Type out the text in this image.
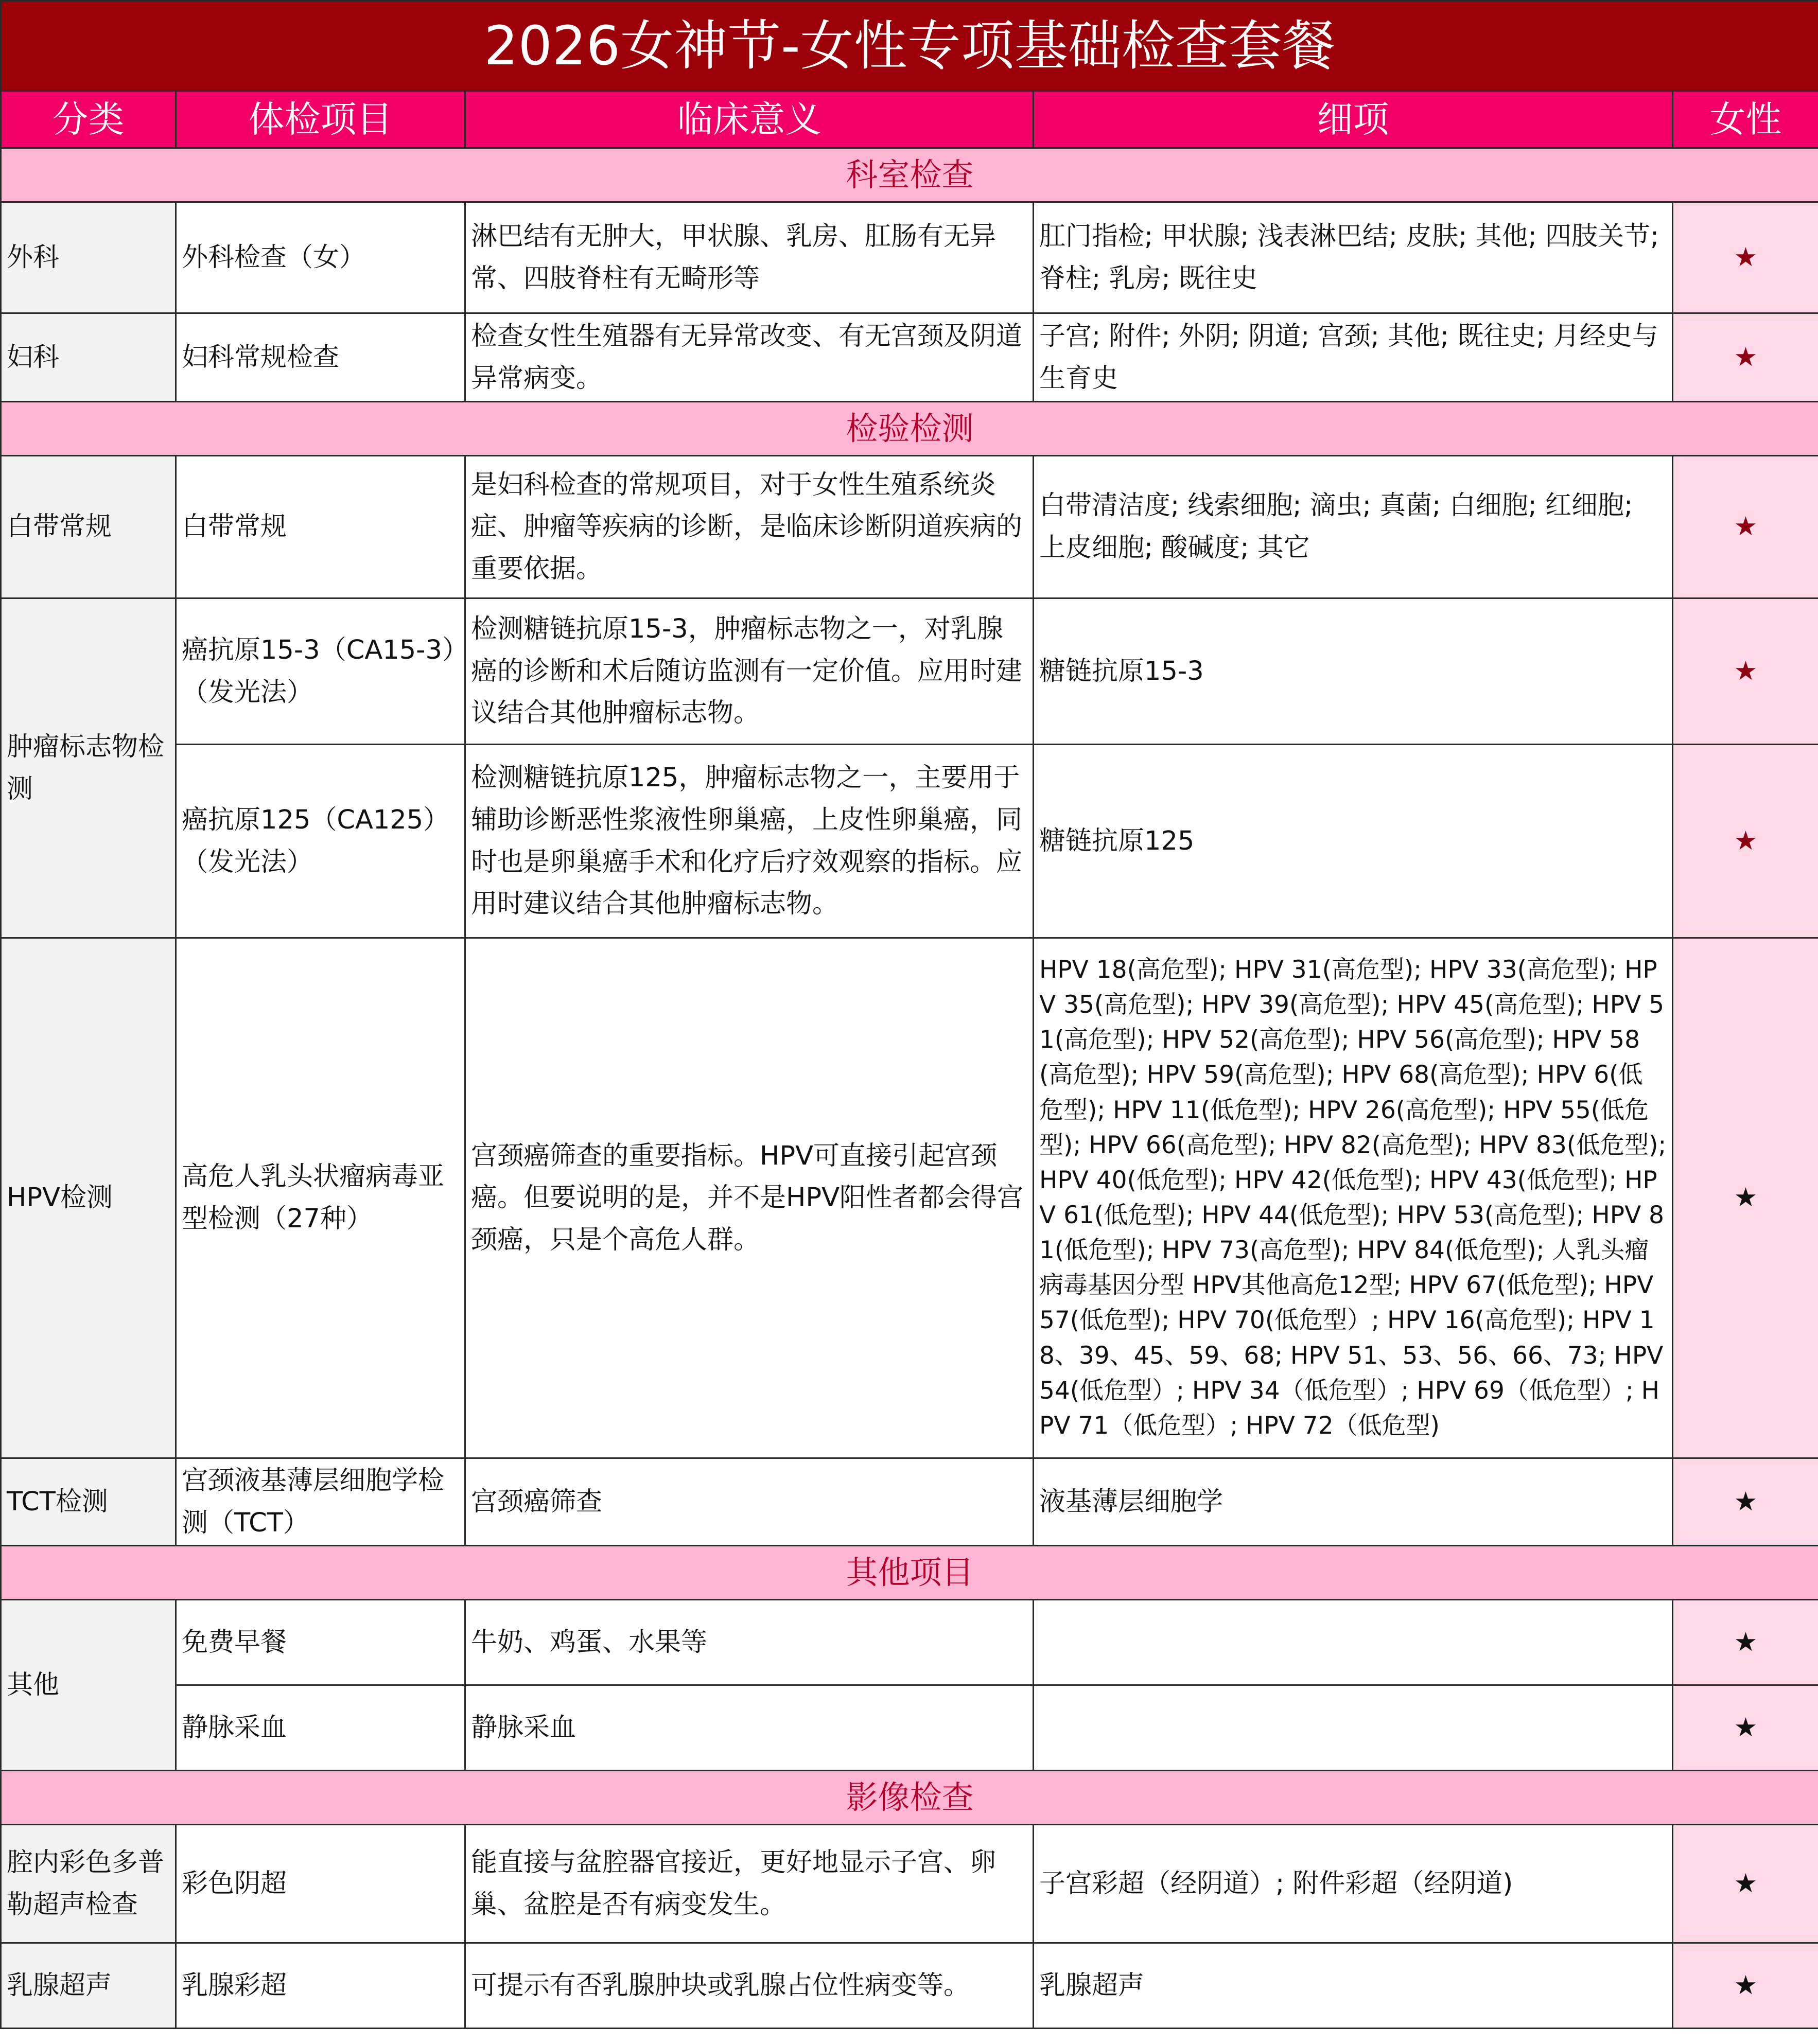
2026女神节-女性专项基础检查套餐				
分类	体检项目	临床意义	细项	女性
科室检查				
外科	外科检查（女）	淋巴结有无肿大，甲状腺、乳房、肛肠有无异常、四肢脊柱有无畸形等	肛门指检; 甲状腺; 浅表淋巴结; 皮肤; 其他; 四肢关节; 脊柱; 乳房; 既往史	★
妇科	妇科常规检查	检查女性生殖器有无异常改变、有无宫颈及阴道异常病变。	子宫; 附件; 外阴; 阴道; 宫颈; 其他; 既往史; 月经史与生育史	★
检验检测				
白带常规	白带常规	是妇科检查的常规项目，对于女性生殖系统炎症、肿瘤等疾病的诊断，是临床诊断阴道疾病的重要依据。	白带清洁度; 线索细胞; 滴虫; 真菌; 白细胞; 红细胞; 上皮细胞; 酸碱度; 其它	★
肿瘤标志物检测	癌抗原15-3（CA15-3）（发光法）	检测糖链抗原15-3，肿瘤标志物之一，对乳腺癌的诊断和术后随访监测有一定价值。应用时建议结合其他肿瘤标志物。	糖链抗原15-3	★
	癌抗原125（CA125）（发光法）	检测糖链抗原125，肿瘤标志物之一，主要用于辅助诊断恶性浆液性卵巢癌，上皮性卵巢癌，同时也是卵巢癌手术和化疗后疗效观察的指标。应用时建议结合其他肿瘤标志物。	糖链抗原125	★
HPV检测	高危人乳头状瘤病毒亚型检测（27种）	宫颈癌筛查的重要指标。HPV可直接引起宫颈癌。但要说明的是，并不是HPV阳性者都会得宫颈癌，只是个高危人群。	HPV 18(高危型); HPV 31(高危型); HPV 33(高危型); HPV 35(高危型); HPV 39(高危型); HPV 45(高危型); HPV 51(高危型); HPV 52(高危型); HPV 56(高危型); HPV 58(高危型); HPV 59(高危型); HPV 68(高危型); HPV 6(低危型); HPV 11(低危型); HPV 26(高危型); HPV 55(低危型); HPV 66(高危型); HPV 82(高危型); HPV 83(低危型); HPV 40(低危型); HPV 42(低危型); HPV 43(低危型); HPV 61(低危型); HPV 44(低危型); HPV 53(高危型); HPV 81(低危型); HPV 73(高危型); HPV 84(低危型); 人乳头瘤病毒基因分型 HPV其他高危12型; HPV 67(低危型); HPV 57(低危型); HPV 70(低危型）; HPV 16(高危型); HPV 18、39、45、59、68; HPV 51、53、56、66、73; HPV 54(低危型）; HPV 34（低危型）; HPV 69（低危型）; HPV 71（低危型）; HPV 72（低危型)	★
TCT检测	宫颈液基薄层细胞学检测（TCT）	宫颈癌筛查	液基薄层细胞学	★
其他项目				
其他	免费早餐	牛奶、鸡蛋、水果等		★
	静脉采血	静脉采血		★
影像检查				
腔内彩色多普勒超声检查	彩色阴超	能直接与盆腔器官接近，更好地显示子宫、卵巢、盆腔是否有病变发生。	子宫彩超（经阴道）; 附件彩超（经阴道)	★
乳腺超声	乳腺彩超	可提示有否乳腺肿块或乳腺占位性病变等。	乳腺超声	★
